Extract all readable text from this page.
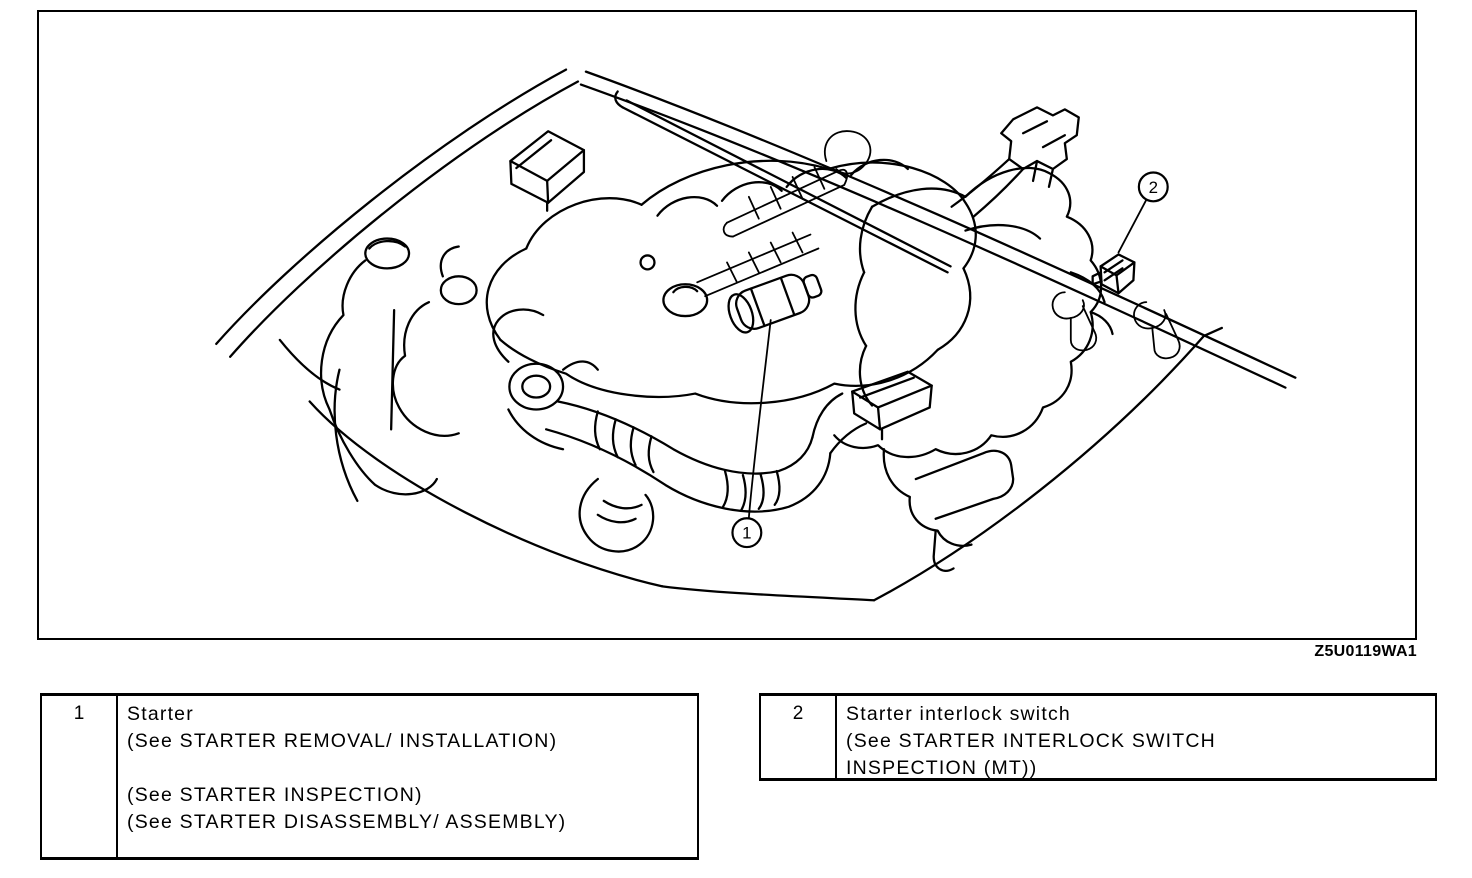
1
2
Z5U0119WA1
1	Starter
(See STARTER REMOVAL/ INSTALLATION)
(See STARTER INSPECTION)
(See STARTER DISASSEMBLY/ ASSEMBLY)
2	Starter interlock switch
(See STARTER INTERLOCK SWITCH
INSPECTION (MT))
